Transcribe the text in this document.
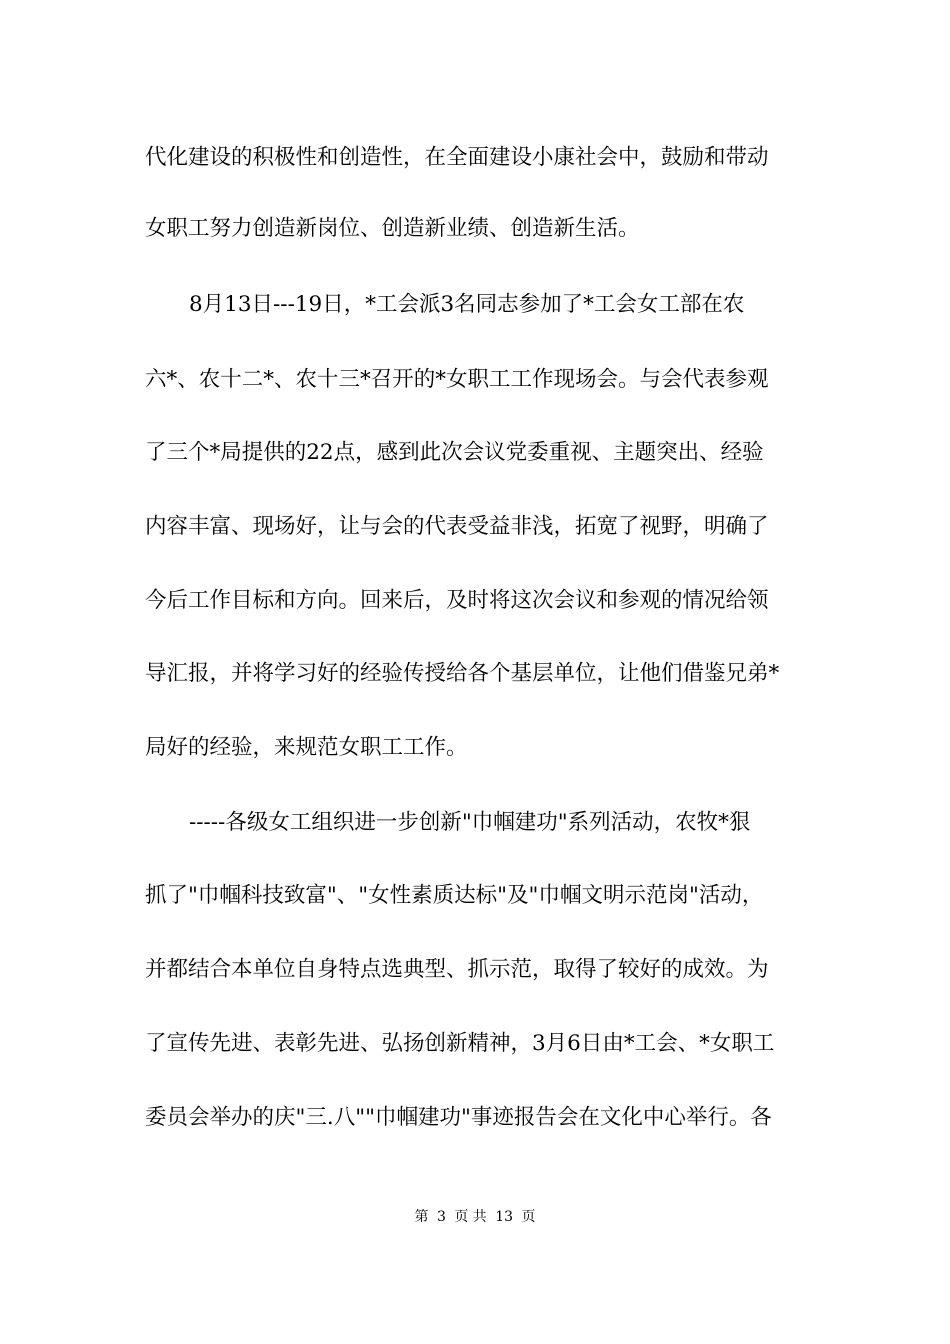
代化建设的积极性和创造性，在全面建设小康社会中，鼓励和带动
女职工努力创造新岗位、创造新业绩、创造新生活。
8月13日---19日，*工会派3名同志参加了*工会女工部在农
六*、农十二*、农十三*召开的*女职工工作现场会。与会代表参观
了三个*局提供的22点，感到此次会议党委重视、主题突出、经验
内容丰富、现场好，让与会的代表受益非浅，拓宽了视野，明确了
今后工作目标和方向。回来后，及时将这次会议和参观的情况给领
导汇报，并将学习好的经验传授给各个基层单位，让他们借鉴兄弟*
局好的经验，来规范女职工工作。
-----各级女工组织进一步创新"巾帼建功"系列活动，农牧*狠
抓了"巾帼科技致富"、"女性素质达标"及"巾帼文明示范岗"活动，
并都结合本单位自身特点选典型、抓示范，取得了较好的成效。为
了宣传先进、表彰先进、弘扬创新精神，3月6日由*工会、*女职工
委员会举办的庆"三.八""巾帼建功"事迹报告会在文化中心举行。各
第 3 页 共 13 页
